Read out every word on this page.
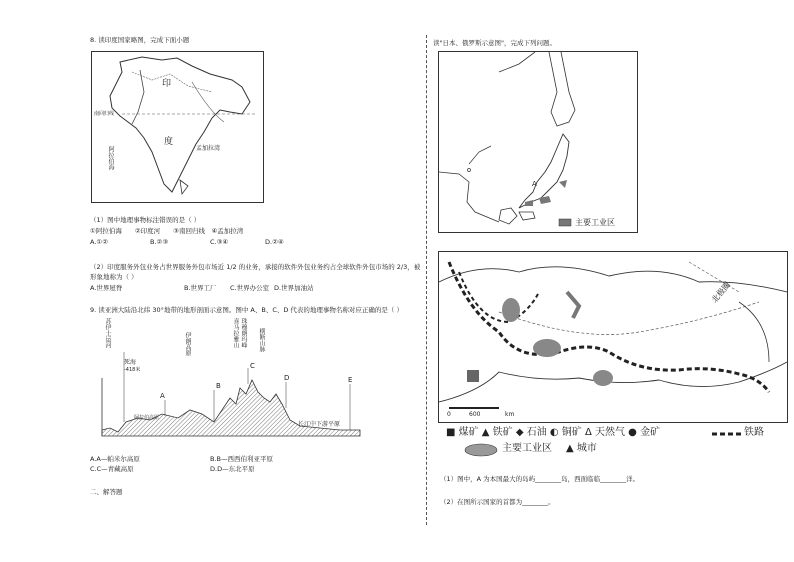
8. 读印度国家略图，完成下面小题
印
度
南回归线
阿拉伯海	孟加拉湾
（1）图中地理事物标注错误的是（ ）
①阿拉伯海　　②印度河　　③南回归线　④孟加拉湾
A.①②	B.②③	C.③④	D.②④
（2）印度服务外包业务占世界服务外包市场近 1/2 的业务，承接的软件外包业务约占全球软件外包市场的 2/3，被
形象地称为（ ）
A.世界屋脊	B.世界工厂 C.世界办公室 D.世界加油站
9. 读亚洲大陆沿北纬 30°地带的地形剖面示意图。图中 A、B、C、D 代表的地理事物名称对应正确的是（ ）
苏伊士运河
死海
-418米
伊朗高原	喜马拉雅山 珠穆朗玛峰 横断山脉
阿拉伯高原
长江中下游平原
A
B
C
D	E
A.A—帕米尔高原	B.B—西西伯利亚平原
C.C—青藏高原	D.D—东北平原
二、解答题
读"日本、俄罗斯示意图"，完成下列问题。
A
主要工业区
北极圈
0	600	km
■ 煤矿 ▲ 铁矿 ◆ 石油 ◐ 铜矿 Δ 天然气 ● 金矿	铁路
主要工业区 ▲ 城市
（1）图中，A 为本国最大的岛屿________岛，西面临临________洋。
（2）在图所示国家的首都为________。
